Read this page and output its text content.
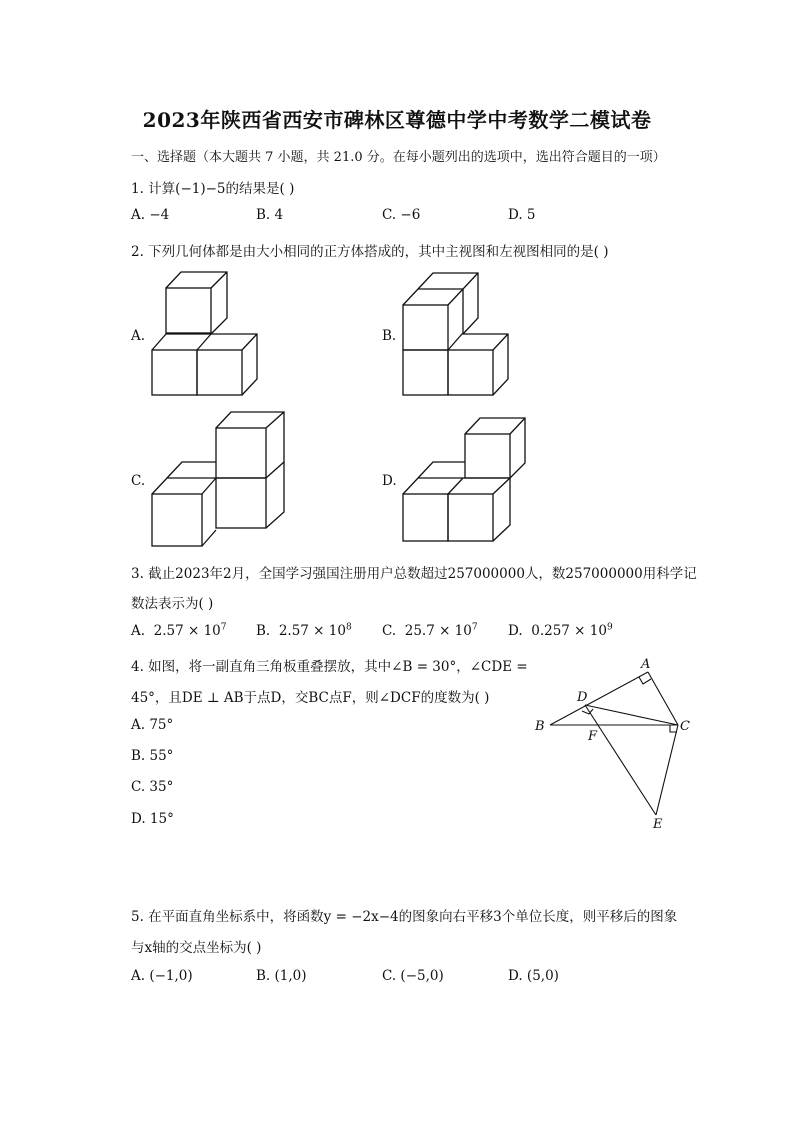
2023年陕西省西安市碑林区尊德中学中考数学二模试卷
一、选择题（本大题共 7 小题，共 21.0 分。在每小题列出的选项中，选出符合题目的一项）
1. 计算(−1)−5的结果是( )
A. −4	B. 4	C. −6	D. 5
2. 下列几何体都是由大小相同的正方体搭成的，其中主视图和左视图相同的是( )
A.	B.
C.	D.
3. 截止2023年2月，全国学习强国注册用户总数超过257000000人，数257000000用科学记
数法表示为( )
A. $2.57 \times 10^7$ B. $2.57 \times 10^8$ C. $25.7 \times 10^7$ D. $0.257 \times 10^9$
4. 如图，将一副直角三角板重叠摆放，其中∠B = 30°，∠CDE =
45°，且DE ⊥ AB于点D，交BC点F，则∠DCF的度数为( )
A. 75°
B. 55°
C. 35°
D. 15°
A
D
B
F
C
E
5. 在平面直角坐标系中，将函数y = −2x−4的图象向右平移3个单位长度，则平移后的图象
与x轴的交点坐标为( )
A. (−1,0)	B. (1,0)	C. (−5,0)	D. (5,0)
